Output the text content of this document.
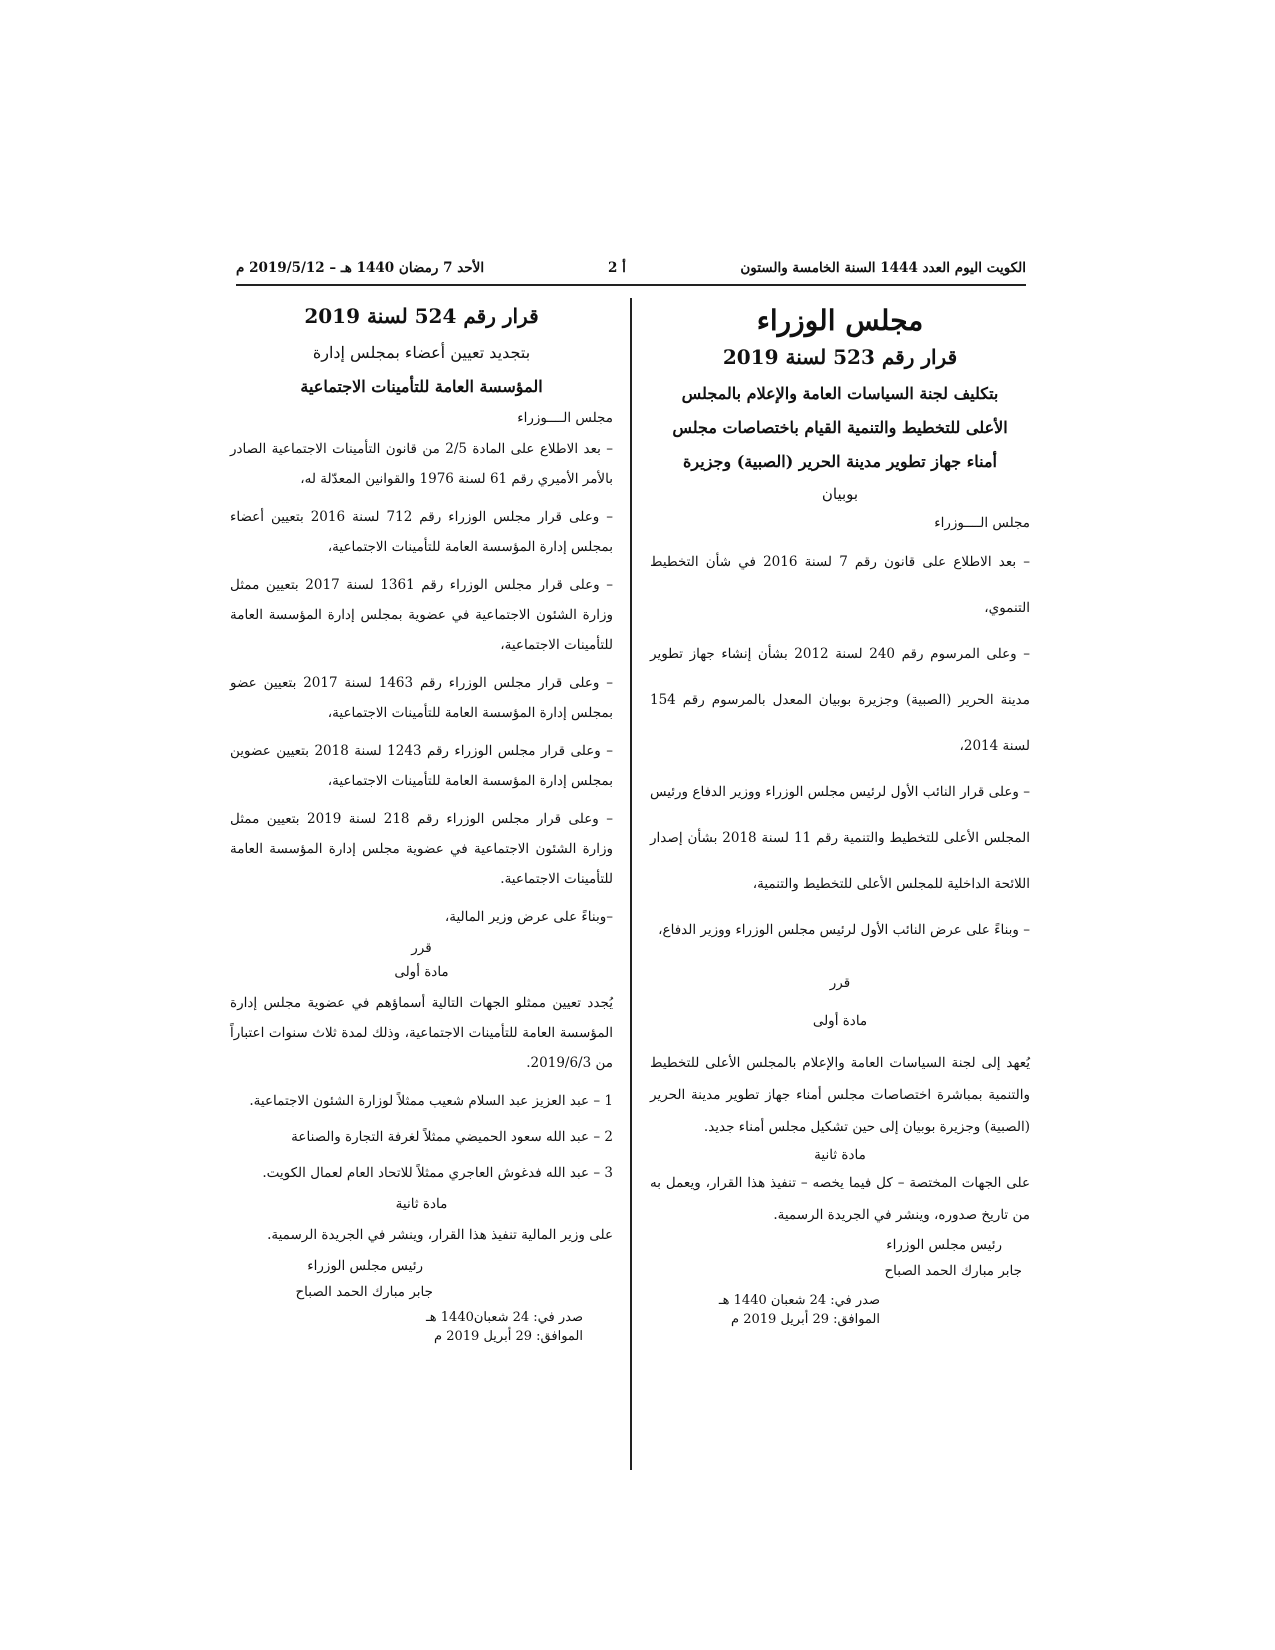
الكويت اليوم العدد 1444 السنة الخامسة والستون
أ 2
الأحد 7 رمضان 1440 هـ – 2019/5/12 م
مجلس الوزراء
قرار رقم 523 لسنة 2019

بتكليف لجنة السياسات العامة والإعلام بالمجلس

الأعلى للتخطيط والتنمية القيام باختصاصات مجلس

أمناء جهاز تطوير مدينة الحرير (الصبية) وجزيرة

بوبيان

مجلس الــــوزراء

– بعد الاطلاع على قانون رقم 7 لسنة 2016 في شأن التخطيط التنموي،

– وعلى المرسوم رقم 240 لسنة 2012 بشأن إنشاء جهاز تطوير مدينة الحرير (الصبية) وجزيرة بوبيان المعدل بالمرسوم رقم 154 لسنة 2014،

– وعلى قرار النائب الأول لرئيس مجلس الوزراء ووزير الدفاع ورئيس المجلس الأعلى للتخطيط والتنمية رقم 11 لسنة 2018 بشأن إصدار اللائحة الداخلية للمجلس الأعلى للتخطيط والتنمية،

– وبناءً على عرض النائب الأول لرئيس مجلس الوزراء ووزير الدفاع،

قرر
مادة أولى

يُعهد إلى لجنة السياسات العامة والإعلام بالمجلس الأعلى للتخطيط والتنمية بمباشرة اختصاصات مجلس أمناء جهاز تطوير مدينة الحرير (الصبية) وجزيرة بوبيان إلى حين تشكيل مجلس أمناء جديد.

مادة ثانية

على الجهات المختصة – كل فيما يخصه – تنفيذ هذا القرار، ويعمل به من تاريخ صدوره، وينشر في الجريدة الرسمية.

رئيس مجلس الوزراء
جابر مبارك الحمد الصباح
صدر في: 24 شعبان 1440 هـ
الموافق: 29 أبريل 2019 م
قرار رقم 524 لسنة 2019

بتجديد تعيين أعضاء بمجلس إدارة

المؤسسة العامة للتأمينات الاجتماعية

مجلس الــــوزراء

– بعد الاطلاع على المادة 2/5 من قانون التأمينات الاجتماعية الصادر بالأمر الأميري رقم 61 لسنة 1976 والقوانين المعدّلة له،

– وعلى قرار مجلس الوزراء رقم 712 لسنة 2016 بتعيين أعضاء بمجلس إدارة المؤسسة العامة للتأمينات الاجتماعية،

– وعلى قرار مجلس الوزراء رقم 1361 لسنة 2017 بتعيين ممثل وزارة الشئون الاجتماعية في عضوية بمجلس إدارة المؤسسة العامة للتأمينات الاجتماعية،

– وعلى قرار مجلس الوزراء رقم 1463 لسنة 2017 بتعيين عضو بمجلس إدارة المؤسسة العامة للتأمينات الاجتماعية،

– وعلى قرار مجلس الوزراء رقم 1243 لسنة 2018 بتعيين عضوين بمجلس إدارة المؤسسة العامة للتأمينات الاجتماعية،

– وعلى قرار مجلس الوزراء رقم 218 لسنة 2019 بتعيين ممثل وزارة الشئون الاجتماعية في عضوية مجلس إدارة المؤسسة العامة للتأمينات الاجتماعية.

–وبناءً على عرض وزير المالية،

قرر
مادة أولى

يُجدد تعيين ممثلو الجهات التالية أسماؤهم في عضوية مجلس إدارة المؤسسة العامة للتأمينات الاجتماعية، وذلك لمدة ثلاث سنوات اعتباراً من 2019/6/3.

1 – عبد العزيز عبد السلام شعيب ممثلاً لوزارة الشئون الاجتماعية.

2 – عبد الله سعود الحميضي ممثلاً لغرفة التجارة والصناعة

3 – عبد الله فدغوش العاجري ممثلاً للاتحاد العام لعمال الكويت.

مادة ثانية

على وزير المالية تنفيذ هذا القرار، وينشر في الجريدة الرسمية.

رئيس مجلس الوزراء
جابر مبارك الحمد الصباح
صدر في: 24 شعبان1440 هـ
الموافق: 29 أبريل 2019 م
